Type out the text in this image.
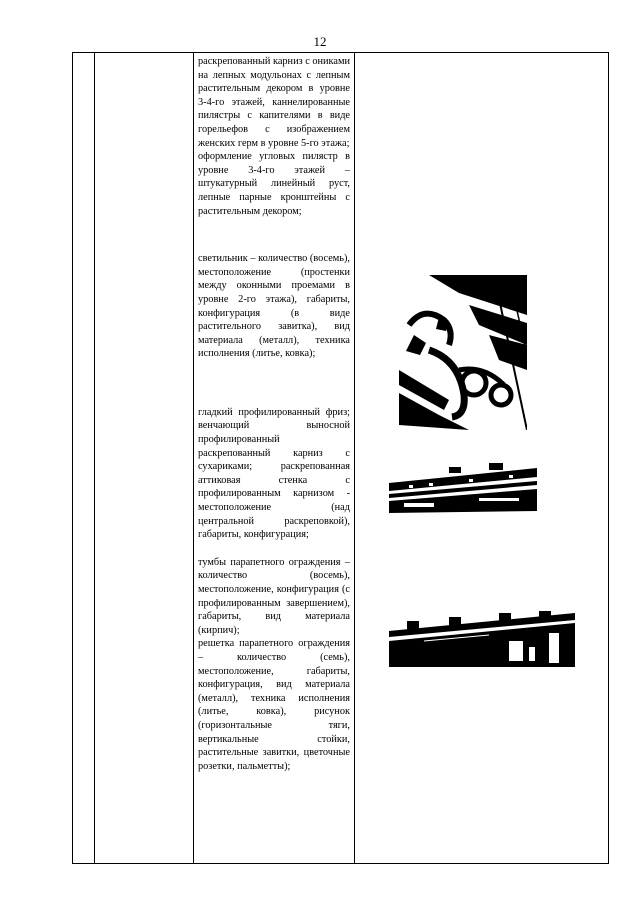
12

раскрепованный карниз с ониками на лепных модульонах с лепным растительным декором в уровне 3-4-го этажей, каннелированные пилястры с капителями в виде горельефов с изображением женских герм в уровне 5-го этажа;

оформление угловых пилястр в уровне 3-4-го этажей – штукатурный линейный руст, лепные парные кронштейны с растительным декором;

светильник – количество (восемь), местоположение (простенки между оконными проемами в уровне 2-го этажа), габариты, конфигурация (в виде растительного завитка), вид материала (металл), техника исполнения (литье, ковка);

гладкий профилированный фриз; венчающий выносной профилированный раскрепованный карниз с сухариками; раскрепованная аттиковая стенка с профилированным карнизом - местоположение (над центральной раскреповкой), габариты, конфигурация;

тумбы парапетного ограждения – количество (восемь), местоположение, конфигурация (с профилированным завершением), габариты, вид материала (кирпич);

решетка парапетного ограждения – количество (семь), местоположение, габариты, конфигурация, вид материала (металл), техника исполнения (литье, ковка), рисунок (горизонтальные тяги, вертикальные стойки, растительные завитки, цветочные розетки, пальметты);
